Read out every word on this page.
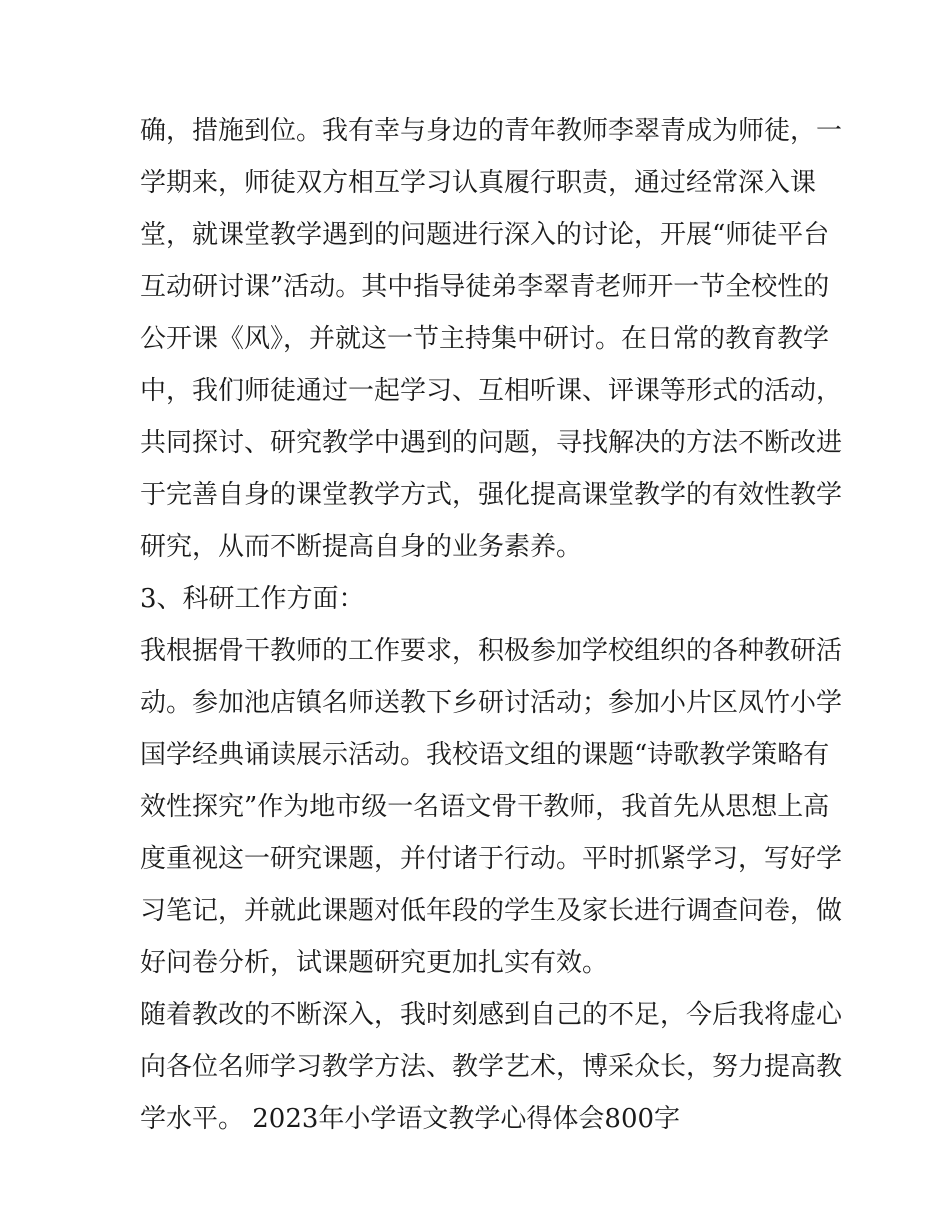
确，措施到位。我有幸与身边的青年教师李翠青成为师徒，一
学期来，师徒双方相互学习认真履行职责，通过经常深入课
堂，就课堂教学遇到的问题进行深入的讨论，开展“师徒平台
互动研讨课”活动。其中指导徒弟李翠青老师开一节全校性的
公开课《风》，并就这一节主持集中研讨。在日常的教育教学
中，我们师徒通过一起学习、互相听课、评课等形式的活动，
共同探讨、研究教学中遇到的问题，寻找解决的方法不断改进
于完善自身的课堂教学方式，强化提高课堂教学的有效性教学
研究，从而不断提高自身的业务素养。
3、科研工作方面：
我根据骨干教师的工作要求，积极参加学校组织的各种教研活
动。参加池店镇名师送教下乡研讨活动；参加小片区凤竹小学
国学经典诵读展示活动。我校语文组的课题“诗歌教学策略有
效性探究”作为地市级一名语文骨干教师，我首先从思想上高
度重视这一研究课题，并付诸于行动。平时抓紧学习，写好学
习笔记，并就此课题对低年段的学生及家长进行调查问卷，做
好问卷分析，试课题研究更加扎实有效。
随着教改的不断深入，我时刻感到自己的不足，今后我将虚心
向各位名师学习教学方法、教学艺术，博采众长，努力提高教
学水平。 2023年小学语文教学心得体会800字
